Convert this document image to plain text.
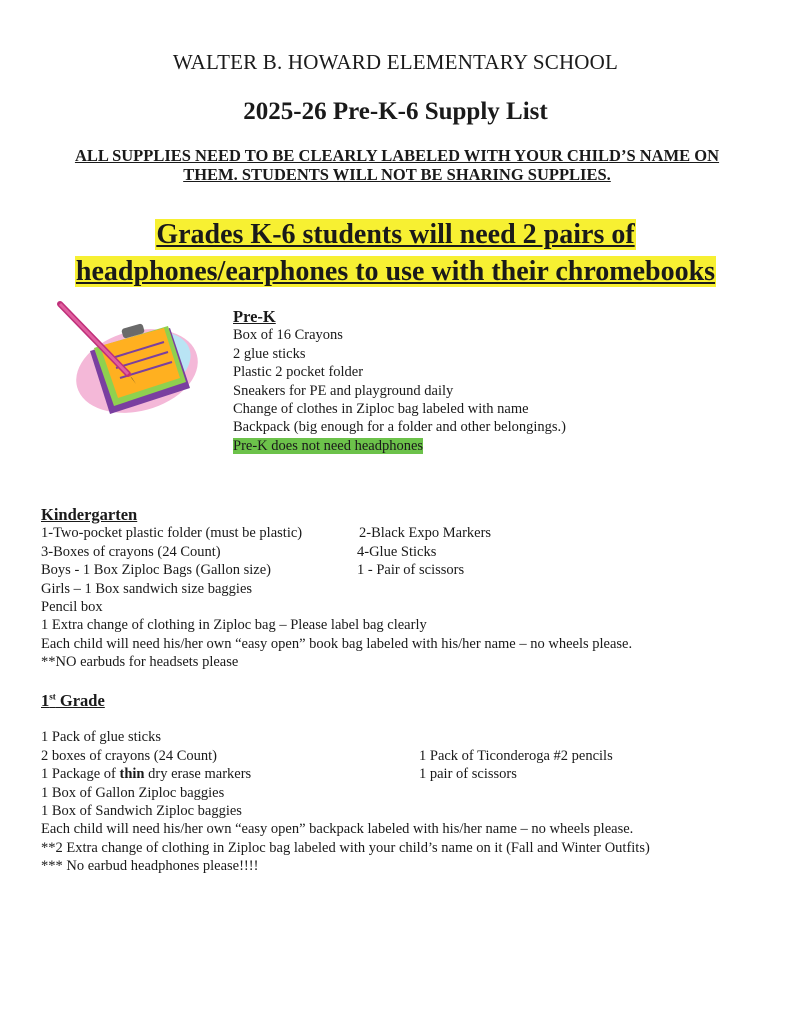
WALTER B. HOWARD ELEMENTARY SCHOOL
2025-26 Pre-K-6 Supply List
ALL SUPPLIES NEED TO BE CLEARLY LABELED WITH YOUR CHILD’S NAME ON
THEM. STUDENTS WILL NOT BE SHARING SUPPLIES.
Grades K-6 students will need 2 pairs of
headphones/earphones to use with their chromebooks
Pre-K
Box of 16 Crayons
2 glue sticks
Plastic 2 pocket folder
Sneakers for PE and playground daily
Change of clothes in Ziploc bag labeled with name
Backpack (big enough for a folder and other belongings.)
Pre-K does not need headphones
Kindergarten
1-Two-pocket plastic folder (must be plastic)	2-Black Expo Markers
3-Boxes of crayons (24 Count)	4-Glue Sticks
Boys - 1 Box Ziploc Bags (Gallon size)	1 - Pair of scissors
Girls – 1 Box sandwich size baggies
Pencil box
1 Extra change of clothing in Ziploc bag – Please label bag clearly
Each child will need his/her own “easy open” book bag labeled with his/her name – no wheels please.
**NO earbuds for headsets please
1st Grade
1 Pack of glue sticks
2 boxes of crayons (24 Count)	1 Pack of Ticonderoga #2 pencils
1 Package of thin dry erase markers	1 pair of scissors
1 Box of Gallon Ziploc baggies
1 Box of Sandwich Ziploc baggies
Each child will need his/her own “easy open” backpack labeled with his/her name – no wheels please.
**2 Extra change of clothing in Ziploc bag labeled with your child’s name on it (Fall and Winter Outfits)
*** No earbud headphones please!!!!
